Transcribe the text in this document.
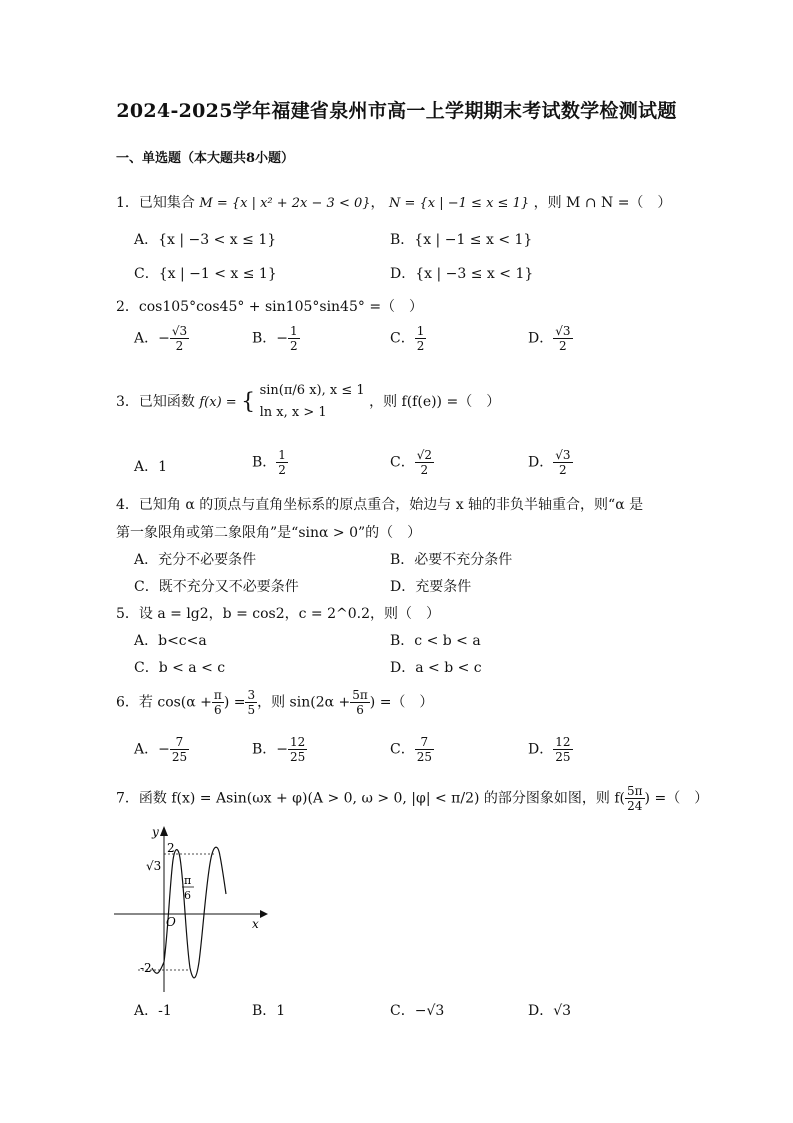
2024-2025学年福建省泉州市高一上学期期末考试数学检测试题
一、单选题（本大题共8小题）
1．已知集合 M = {x | x² + 2x − 3 < 0}， N = {x | −1 ≤ x ≤ 1} ，则 M ∩ N =（　）
A．{x | −3 < x ≤ 1}	B．{x | −1 ≤ x < 1}
C．{x | −1 < x ≤ 1}	D．{x | −3 ≤ x < 1}
2．cos105°cos45° + sin105°sin45° =（　）
A．− $\frac{√3}{2}$	B．− $\frac{1}{2}$	C． $\frac{1}{2}$	D． $\frac{√3}{2}$
3．已知函数 f(x) = { sin(π/6 x), x ≤ 1
ln x, x > 1
，则 f(f(e)) =（　）
A．1	B． $\frac{1}{2}$	C． $\frac{√2}{2}$	D． $\frac{√3}{2}$
4．已知角 α 的顶点与直角坐标系的原点重合，始边与 x 轴的非负半轴重合，则“α 是
第一象限角或第二象限角”是“sinα > 0”的（　）
A．充分不必要条件	B．必要不充分条件
C．既不充分又不必要条件	D．充要条件
5．设 a = lg2，b = cos2，c = 2^0.2，则（　）
A．b<c<a	B．c < b < a
C．b < a < c	D．a < b < c
6．若 $\cos(\alpha + \frac{\pi}{6}$ ) = $\frac{3}{5}$ ，则 $\sin(2\alpha + \frac{5\pi}{6}$ ) =（　）
A．− $\frac{7}{25}$	B．− $\frac{12}{25}$	C． $\frac{7}{25}$	D． $\frac{12}{25}$
7．函数 f(x) = Asin(ωx + φ)(A > 0, ω > 0, |φ| < π/2) 的部分图象如图，则 $f( \frac{5\pi}{24}$ ) =（　）
y
x
O
2
√3
-2
π
6
A．-1	B．1	C．−√3	D．√3
